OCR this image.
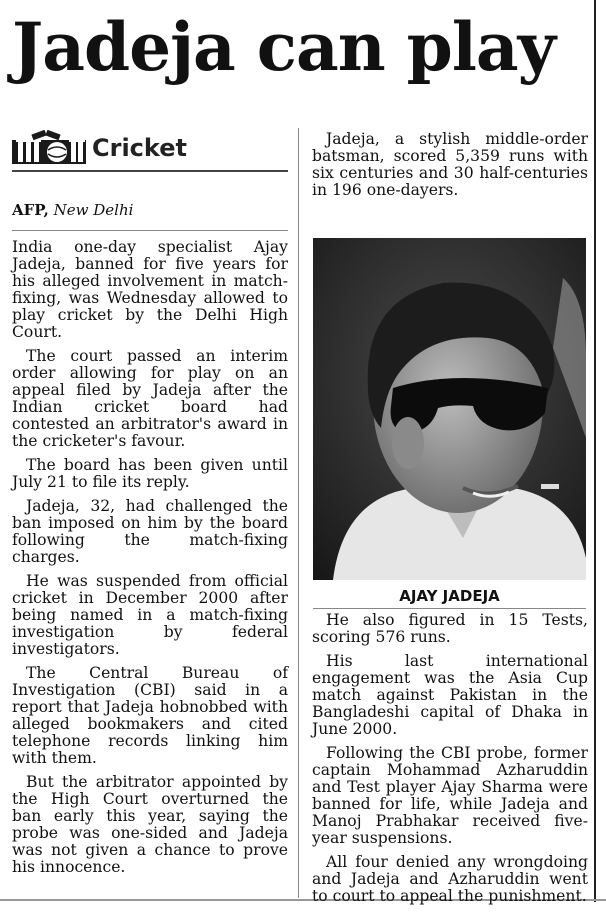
Jadeja can play
Cricket
AFP, New Delhi

India one-day specialist Ajay Jadeja, banned for five years for his alleged involvement in match-fixing, was Wednesday allowed to play cricket by the Delhi High Court.

The court passed an interim order allowing for play on an appeal filed by Jadeja after the Indian cricket board had contested an arbitrator's award in the cricketer's favour.

The board has been given until July 21 to file its reply.

Jadeja, 32, had challenged the ban imposed on him by the board following the match-fixing charges.

He was suspended from official cricket in December 2000 after being named in a match-fixing investigation by federal investigators.

The Central Bureau of Investigation (CBI) said in a report that Jadeja hobnobbed with alleged bookmakers and cited telephone records linking him with them.

But the arbitrator appointed by the High Court overturned the ban early this year, saying the probe was one-sided and Jadeja was not given a chance to prove his innocence.

Jadeja, a stylish middle-order batsman, scored 5,359 runs with six centuries and 30 half-centuries in 196 one-dayers.

AJAY JADEJA

He also figured in 15 Tests, scoring 576 runs.

His last international engagement was the Asia Cup match against Pakistan in the Bangladeshi capital of Dhaka in June 2000.

Following the CBI probe, former captain Mohammad Azharuddin and Test player Ajay Sharma were banned for life, while Jadeja and Manoj Prabhakar received five-year suspensions.

All four denied any wrongdoing and Jadeja and Azharuddin went to court to appeal the punishment.
